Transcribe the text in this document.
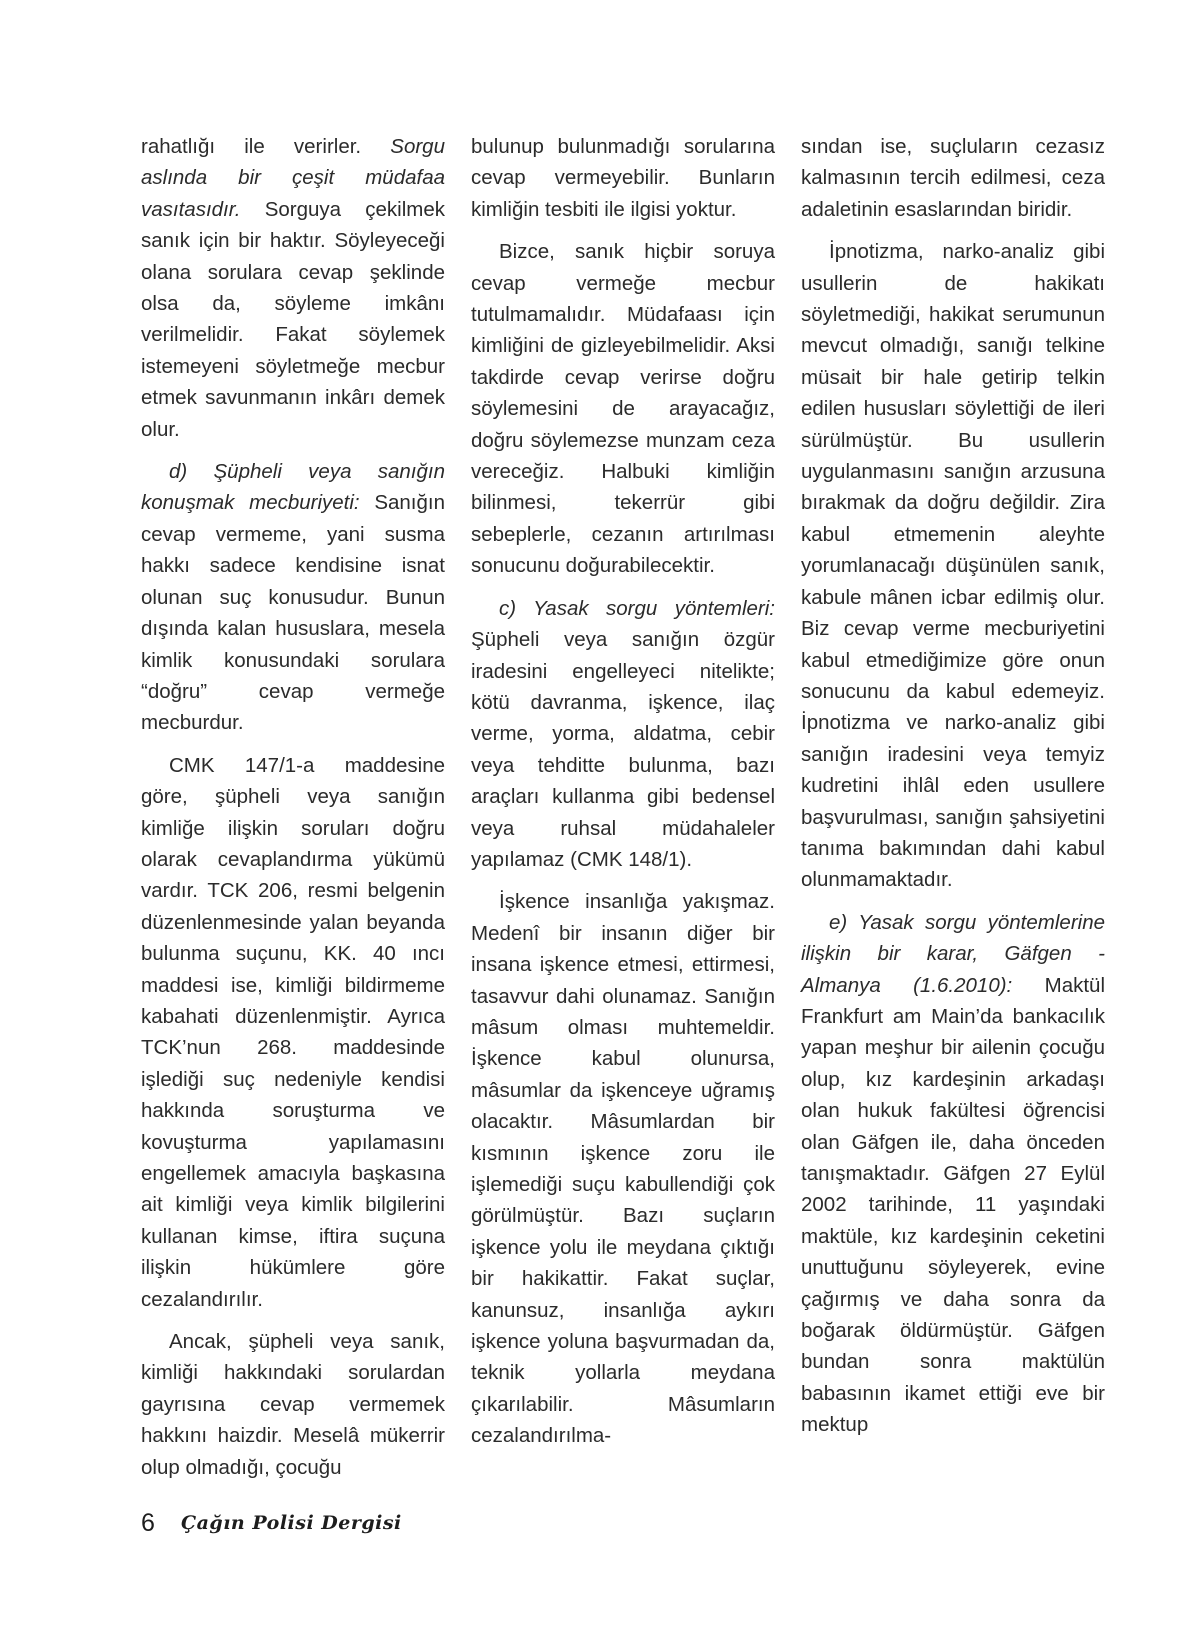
rahatlığı ile verirler. Sorgu aslında bir çeşit müdafaa vasıtasıdır. Sorguya çekilmek sanık için bir haktır. Söyleyeceği olana sorulara cevap şeklinde olsa da, söyleme imkânı verilmelidir. Fakat söylemek istemeyeni söyletmeğe mecbur etmek savunmanın inkârı demek olur.

d) Şüpheli veya sanığın konuşmak mecburiyeti: Sanığın cevap vermeme, yani susma hakkı sadece kendisine isnat olunan suç konusudur. Bunun dışında kalan hususlara, mesela kimlik konusundaki sorulara “doğru” cevap vermeğe mecburdur.

CMK 147/1-a maddesine göre, şüpheli veya sanığın kimliğe ilişkin soruları doğru olarak cevaplandırma yükümü vardır. TCK 206, resmi belgenin düzenlenmesinde yalan beyanda bulunma suçunu, KK. 40 ıncı maddesi ise, kimliği bildirmeme kabahati düzenlenmiştir. Ayrıca TCK’nun 268. maddesinde işlediği suç nedeniyle kendisi hakkında soruşturma ve kovuşturma yapılamasını engellemek amacıyla başkasına ait kimliği veya kimlik bilgilerini kullanan kimse, iftira suçuna ilişkin hükümlere göre cezalandırılır.

Ancak, şüpheli veya sanık, kimliği hakkındaki sorulardan gayrısına cevap vermemek hakkını haizdir. Meselâ mükerrir olup olmadığı, çocuğu

bulunup bulunmadığı sorularına cevap vermeyebilir. Bunların kimliğin tesbiti ile ilgisi yoktur.

Bizce, sanık hiçbir soruya cevap vermeğe mecbur tutulmamalıdır. Müdafaası için kimliğini de gizleyebilmelidir. Aksi takdirde cevap verirse doğru söylemesini de arayacağız, doğru söylemezse munzam ceza vereceğiz. Halbuki kimliğin bilinmesi, tekerrür gibi sebeplerle, cezanın artırılması sonucunu doğurabilecektir.

c) Yasak sorgu yöntemleri: Şüpheli veya sanığın özgür iradesini engelleyeci nitelikte; kötü davranma, işkence, ilaç verme, yorma, aldatma, cebir veya tehditte bulunma, bazı araçları kullanma gibi bedensel veya ruhsal müdahaleler yapılamaz (CMK 148/1).

İşkence insanlığa yakışmaz. Medenî bir insanın diğer bir insana işkence etmesi, ettirmesi, tasavvur dahi olunamaz. Sanığın mâsum olması muhtemeldir. İşkence kabul olunursa, mâsumlar da işkenceye uğramış olacaktır. Mâsumlardan bir kısmının işkence zoru ile işlemediği suçu kabullendiği çok görülmüştür. Bazı suçların işkence yolu ile meydana çıktığı bir hakikattir. Fakat suçlar, kanunsuz, insanlığa aykırı işkence yoluna başvurmadan da, teknik yollarla meydana çıkarılabilir. Mâsumların cezalandırılma-

sından ise, suçluların cezasız kalmasının tercih edilmesi, ceza adaletinin esaslarından biridir.

İpnotizma, narko-analiz gibi usullerin de hakikatı söyletmediği, hakikat serumunun mevcut olmadığı, sanığı telkine müsait bir hale getirip telkin edilen hususları söylettiği de ileri sürülmüştür. Bu usullerin uygulanmasını sanığın arzusuna bırakmak da doğru değildir. Zira kabul etmemenin aleyhte yorumlanacağı düşünülen sanık, kabule mânen icbar edilmiş olur. Biz cevap verme mecburiyetini kabul etmediğimize göre onun sonucunu da kabul edemeyiz. İpnotizma ve narko-analiz gibi sanığın iradesini veya temyiz kudretini ihlâl eden usullere başvurulması, sanığın şahsiyetini tanıma bakımından dahi kabul olunmamaktadır.

e) Yasak sorgu yöntemlerine ilişkin bir karar, Gäfgen - Almanya (1.6.2010): Maktül Frankfurt am Main’da bankacılık yapan meşhur bir ailenin çocuğu olup, kız kardeşinin arkadaşı olan hukuk fakültesi öğrencisi olan Gäfgen ile, daha önceden tanışmaktadır. Gäfgen 27 Eylül 2002 tarihinde, 11 yaşındaki maktüle, kız kardeşinin ceketini unuttuğunu söyleyerek, evine çağırmış ve daha sonra da boğarak öldürmüştür. Gäfgen bundan sonra maktülün babasının ikamet ettiği eve bir mektup

6	Çağın Polisi Dergisi
